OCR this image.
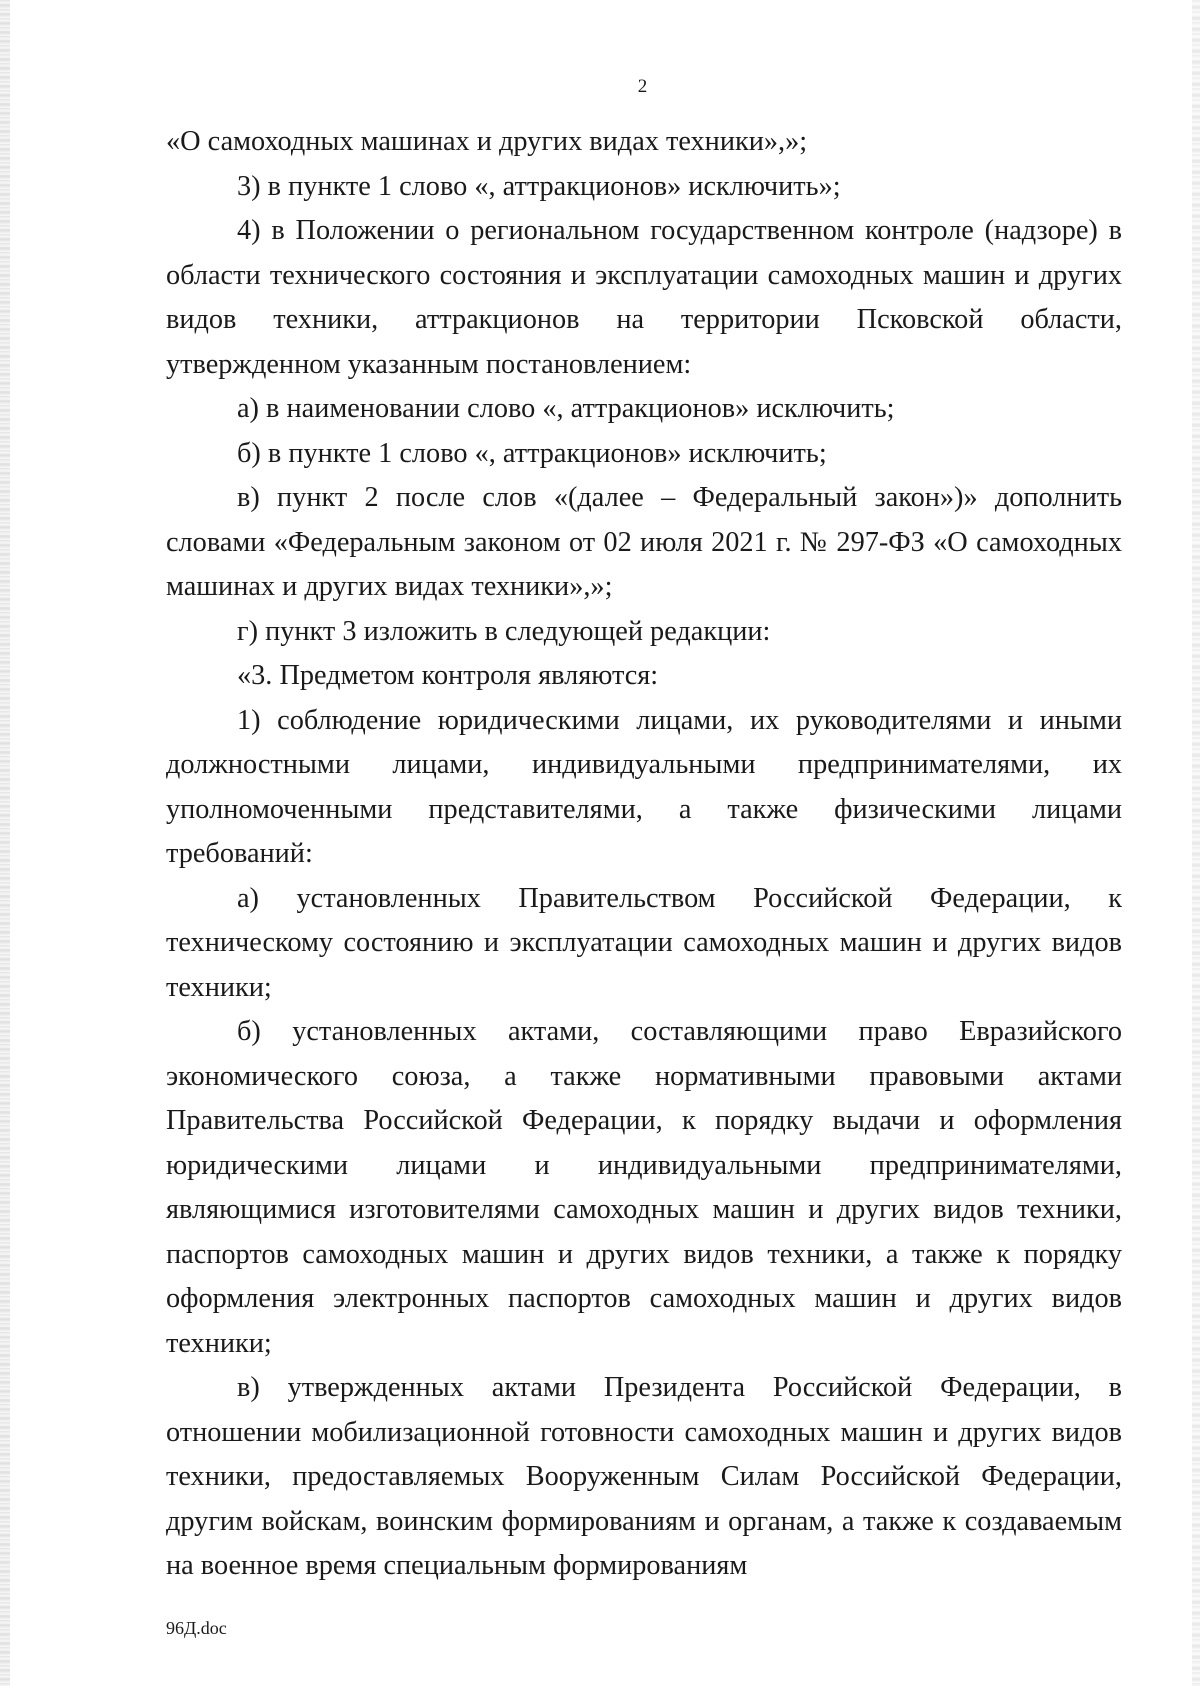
2

«О самоходных машинах и других видах техники»,»;

3) в пункте 1 слово «, аттракционов» исключить»;

4) в Положении о региональном государственном контроле (надзоре) в области технического состояния и эксплуатации самоходных машин и других видов техники, аттракционов на территории Псковской области, утвержденном указанным постановлением:

а) в наименовании слово «, аттракционов» исключить;

б) в пункте 1 слово «, аттракционов» исключить;

в) пункт 2 после слов «(далее – Федеральный закон»)» дополнить словами «Федеральным законом от 02 июля 2021 г. № 297-ФЗ «О самоходных машинах и других видах техники»,»;

г) пункт 3 изложить в следующей редакции:

«3. Предметом контроля являются:

1) соблюдение юридическими лицами, их руководителями и иными должностными лицами, индивидуальными предпринимателями, их уполномоченными представителями, а также физическими лицами требований:

а) установленных Правительством Российской Федерации, к техническому состоянию и эксплуатации самоходных машин и других видов техники;

б) установленных актами, составляющими право Евразийского экономического союза, а также нормативными правовыми актами Правительства Российской Федерации, к порядку выдачи и оформления юридическими лицами и индивидуальными предпринимателями, являющимися изготовителями самоходных машин и других видов техники, паспортов самоходных машин и других видов техники, а также к порядку оформления электронных паспортов самоходных машин и других видов техники;

в) утвержденных актами Президента Российской Федерации, в отношении мобилизационной готовности самоходных машин и других видов техники, предоставляемых Вооруженным Силам Российской Федерации, другим войскам, воинским формированиям и органам, а также к создаваемым на военное время специальным формированиям

96Д.doc
